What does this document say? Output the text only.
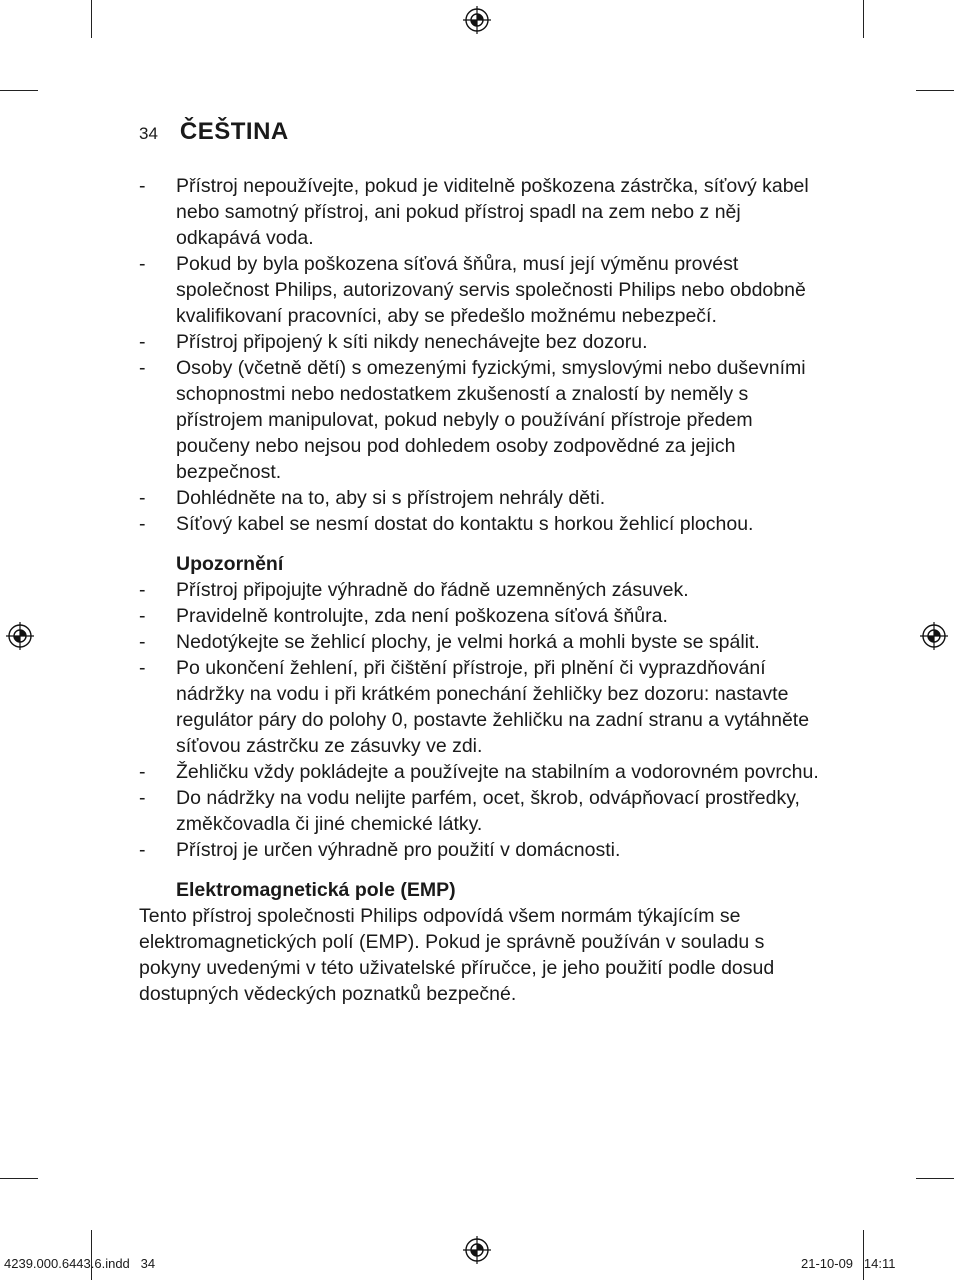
34 ČEŠTINA
- Přístroj nepoužívejte, pokud je viditelně poškozena zástrčka, síťový kabel nebo samotný přístroj, ani pokud přístroj spadl na zem nebo z něj odkapává voda.
- Pokud by byla poškozena síťová šňůra, musí její výměnu provést společnost Philips, autorizovaný servis společnosti Philips nebo obdobně kvalifikovaní pracovníci, aby se předešlo možnému nebezpečí.
- Přístroj připojený k síti nikdy nenechávejte bez dozoru.
- Osoby (včetně dětí) s omezenými fyzickými, smyslovými nebo duševními schopnostmi nebo nedostatkem zkušeností a znalostí by neměly s přístrojem manipulovat, pokud nebyly o používání přístroje předem poučeny nebo nejsou pod dohledem osoby zodpovědné za jejich bezpečnost.
- Dohlédněte na to, aby si s přístrojem nehrály děti.
- Síťový kabel se nesmí dostat do kontaktu s horkou žehlicí plochou.
Upozornění
- Přístroj připojujte výhradně do řádně uzemněných zásuvek.
- Pravidelně kontrolujte, zda není poškozena síťová šňůra.
- Nedotýkejte se žehlicí plochy, je velmi horká a mohli byste se spálit.
- Po ukončení žehlení, při čištění přístroje, při plnění či vyprazdňování nádržky na vodu i při krátkém ponechání žehličky bez dozoru: nastavte regulátor páry do polohy 0, postavte žehličku na zadní stranu a vytáhněte síťovou zástrčku ze zásuvky ve zdi.
- Žehličku vždy pokládejte a používejte na stabilním a vodorovném povrchu.
- Do nádržky na vodu nelijte parfém, ocet, škrob, odvápňovací prostředky, změkčovadla či jiné chemické látky.
- Přístroj je určen výhradně pro použití v domácnosti.
Elektromagnetická pole (EMP)

Tento přístroj společnosti Philips odpovídá všem normám týkajícím se elektromagnetických polí (EMP). Pokud je správně používán v souladu s pokyny uvedenými v této uživatelské příručce, je jeho použití podle dosud dostupných vědeckých poznatků bezpečné.

4239.000.6443.6.indd   34	21-10-09   14:11
